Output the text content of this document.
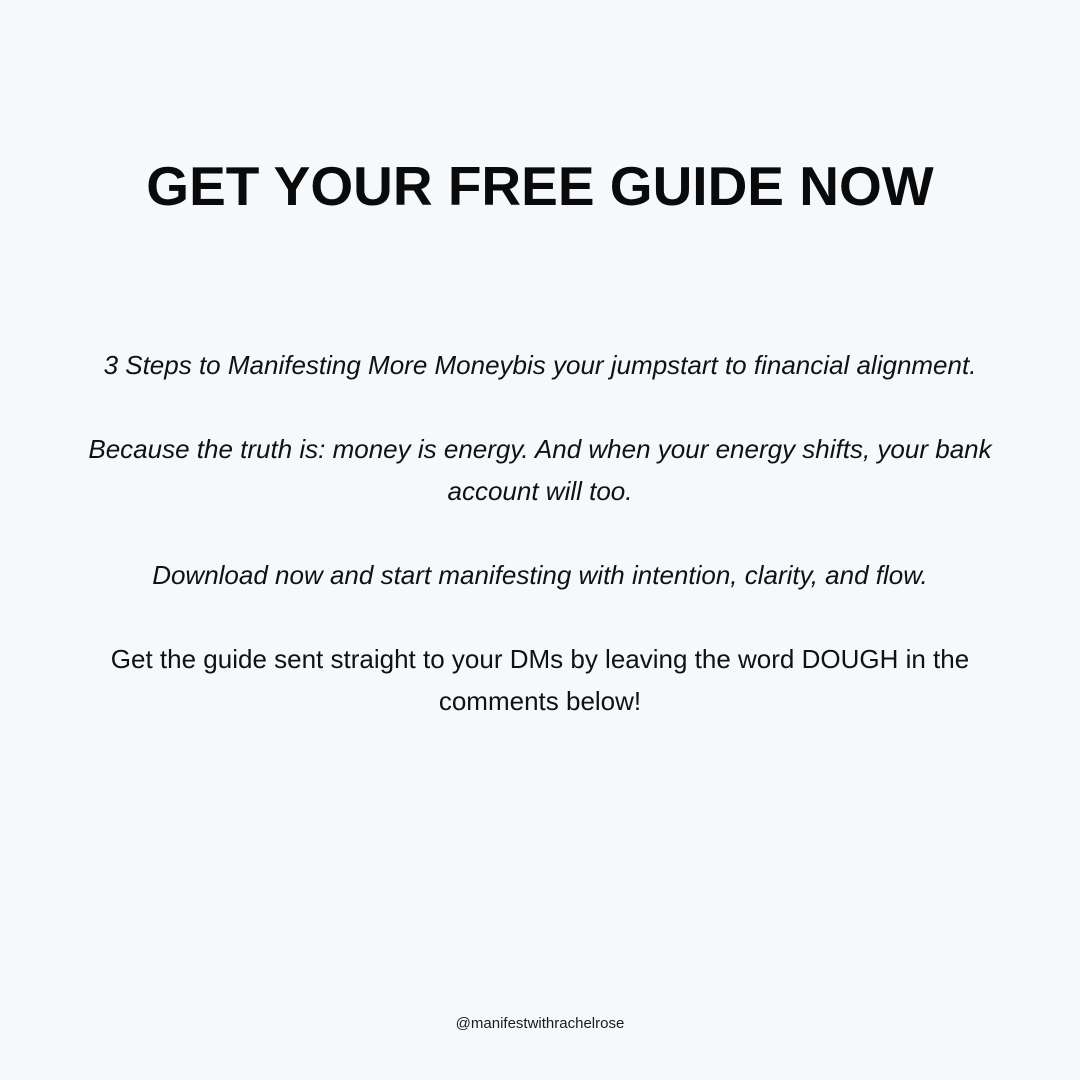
GET YOUR FREE GUIDE NOW

3 Steps to Manifesting More Moneybis your jumpstart to financial alignment.

Because the truth is: money is energy. And when your energy shifts, your bank account will too.

Download now and start manifesting with intention, clarity, and flow.

Get the guide sent straight to your DMs by leaving the word DOUGH in the comments below!

@manifestwithrachelrose
